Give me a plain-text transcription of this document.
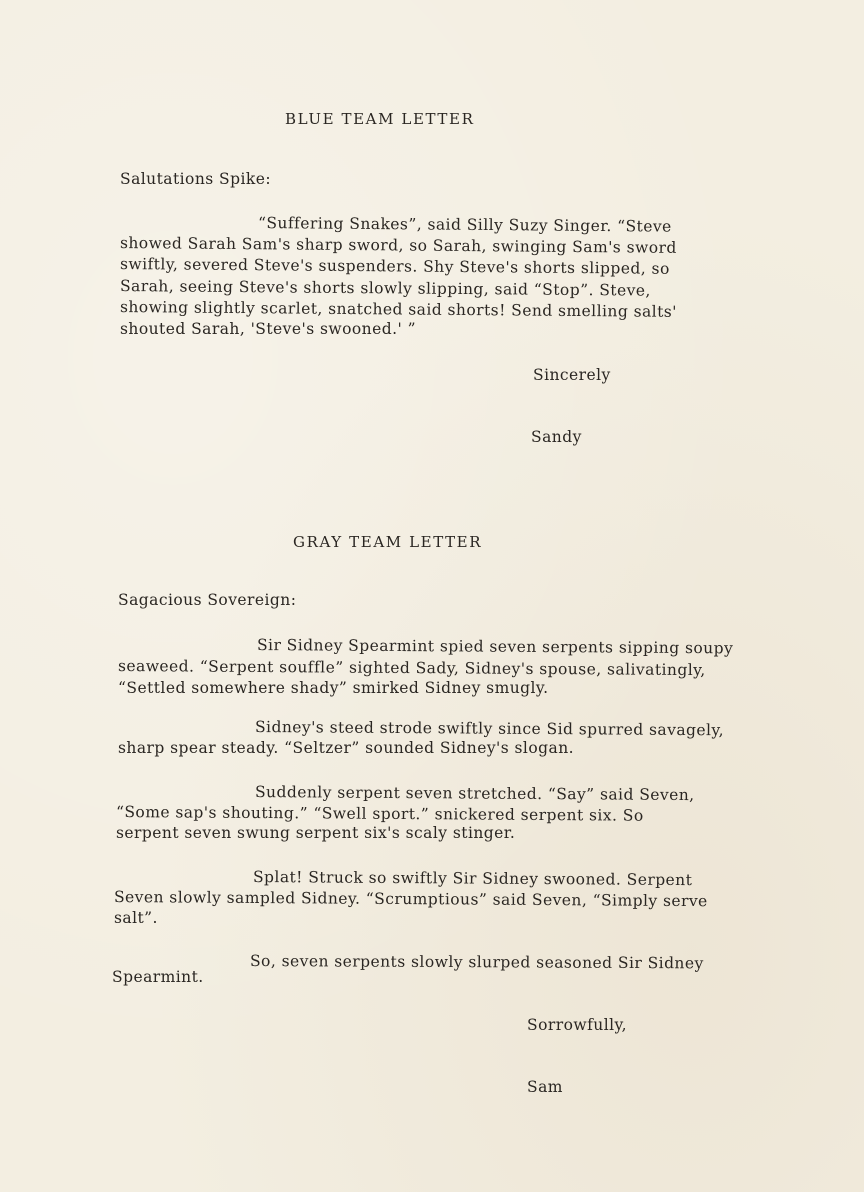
BLUE TEAM LETTER
Salutations Spike:
“Suffering Snakes”, said Silly Suzy Singer. “Steve
showed Sarah Sam's sharp sword, so Sarah, swinging Sam's sword
swiftly, severed Steve's suspenders. Shy Steve's shorts slipped, so
Sarah, seeing Steve's shorts slowly slipping, said “Stop”. Steve,
showing slightly scarlet, snatched said shorts! Send smelling salts'
shouted Sarah, 'Steve's swooned.' ”
Sincerely
Sandy
GRAY TEAM LETTER
Sagacious Sovereign:
Sir Sidney Spearmint spied seven serpents sipping soupy
seaweed. “Serpent souffle” sighted Sady, Sidney's spouse, salivatingly,
“Settled somewhere shady” smirked Sidney smugly.
Sidney's steed strode swiftly since Sid spurred savagely,
sharp spear steady. “Seltzer” sounded Sidney's slogan.
Suddenly serpent seven stretched. “Say” said Seven,
“Some sap's shouting.” “Swell sport.” snickered serpent six. So
serpent seven swung serpent six's scaly stinger.
Splat! Struck so swiftly Sir Sidney swooned. Serpent
Seven slowly sampled Sidney. “Scrumptious” said Seven, “Simply serve
salt”.
So, seven serpents slowly slurped seasoned Sir Sidney
Spearmint.
Sorrowfully,
Sam
